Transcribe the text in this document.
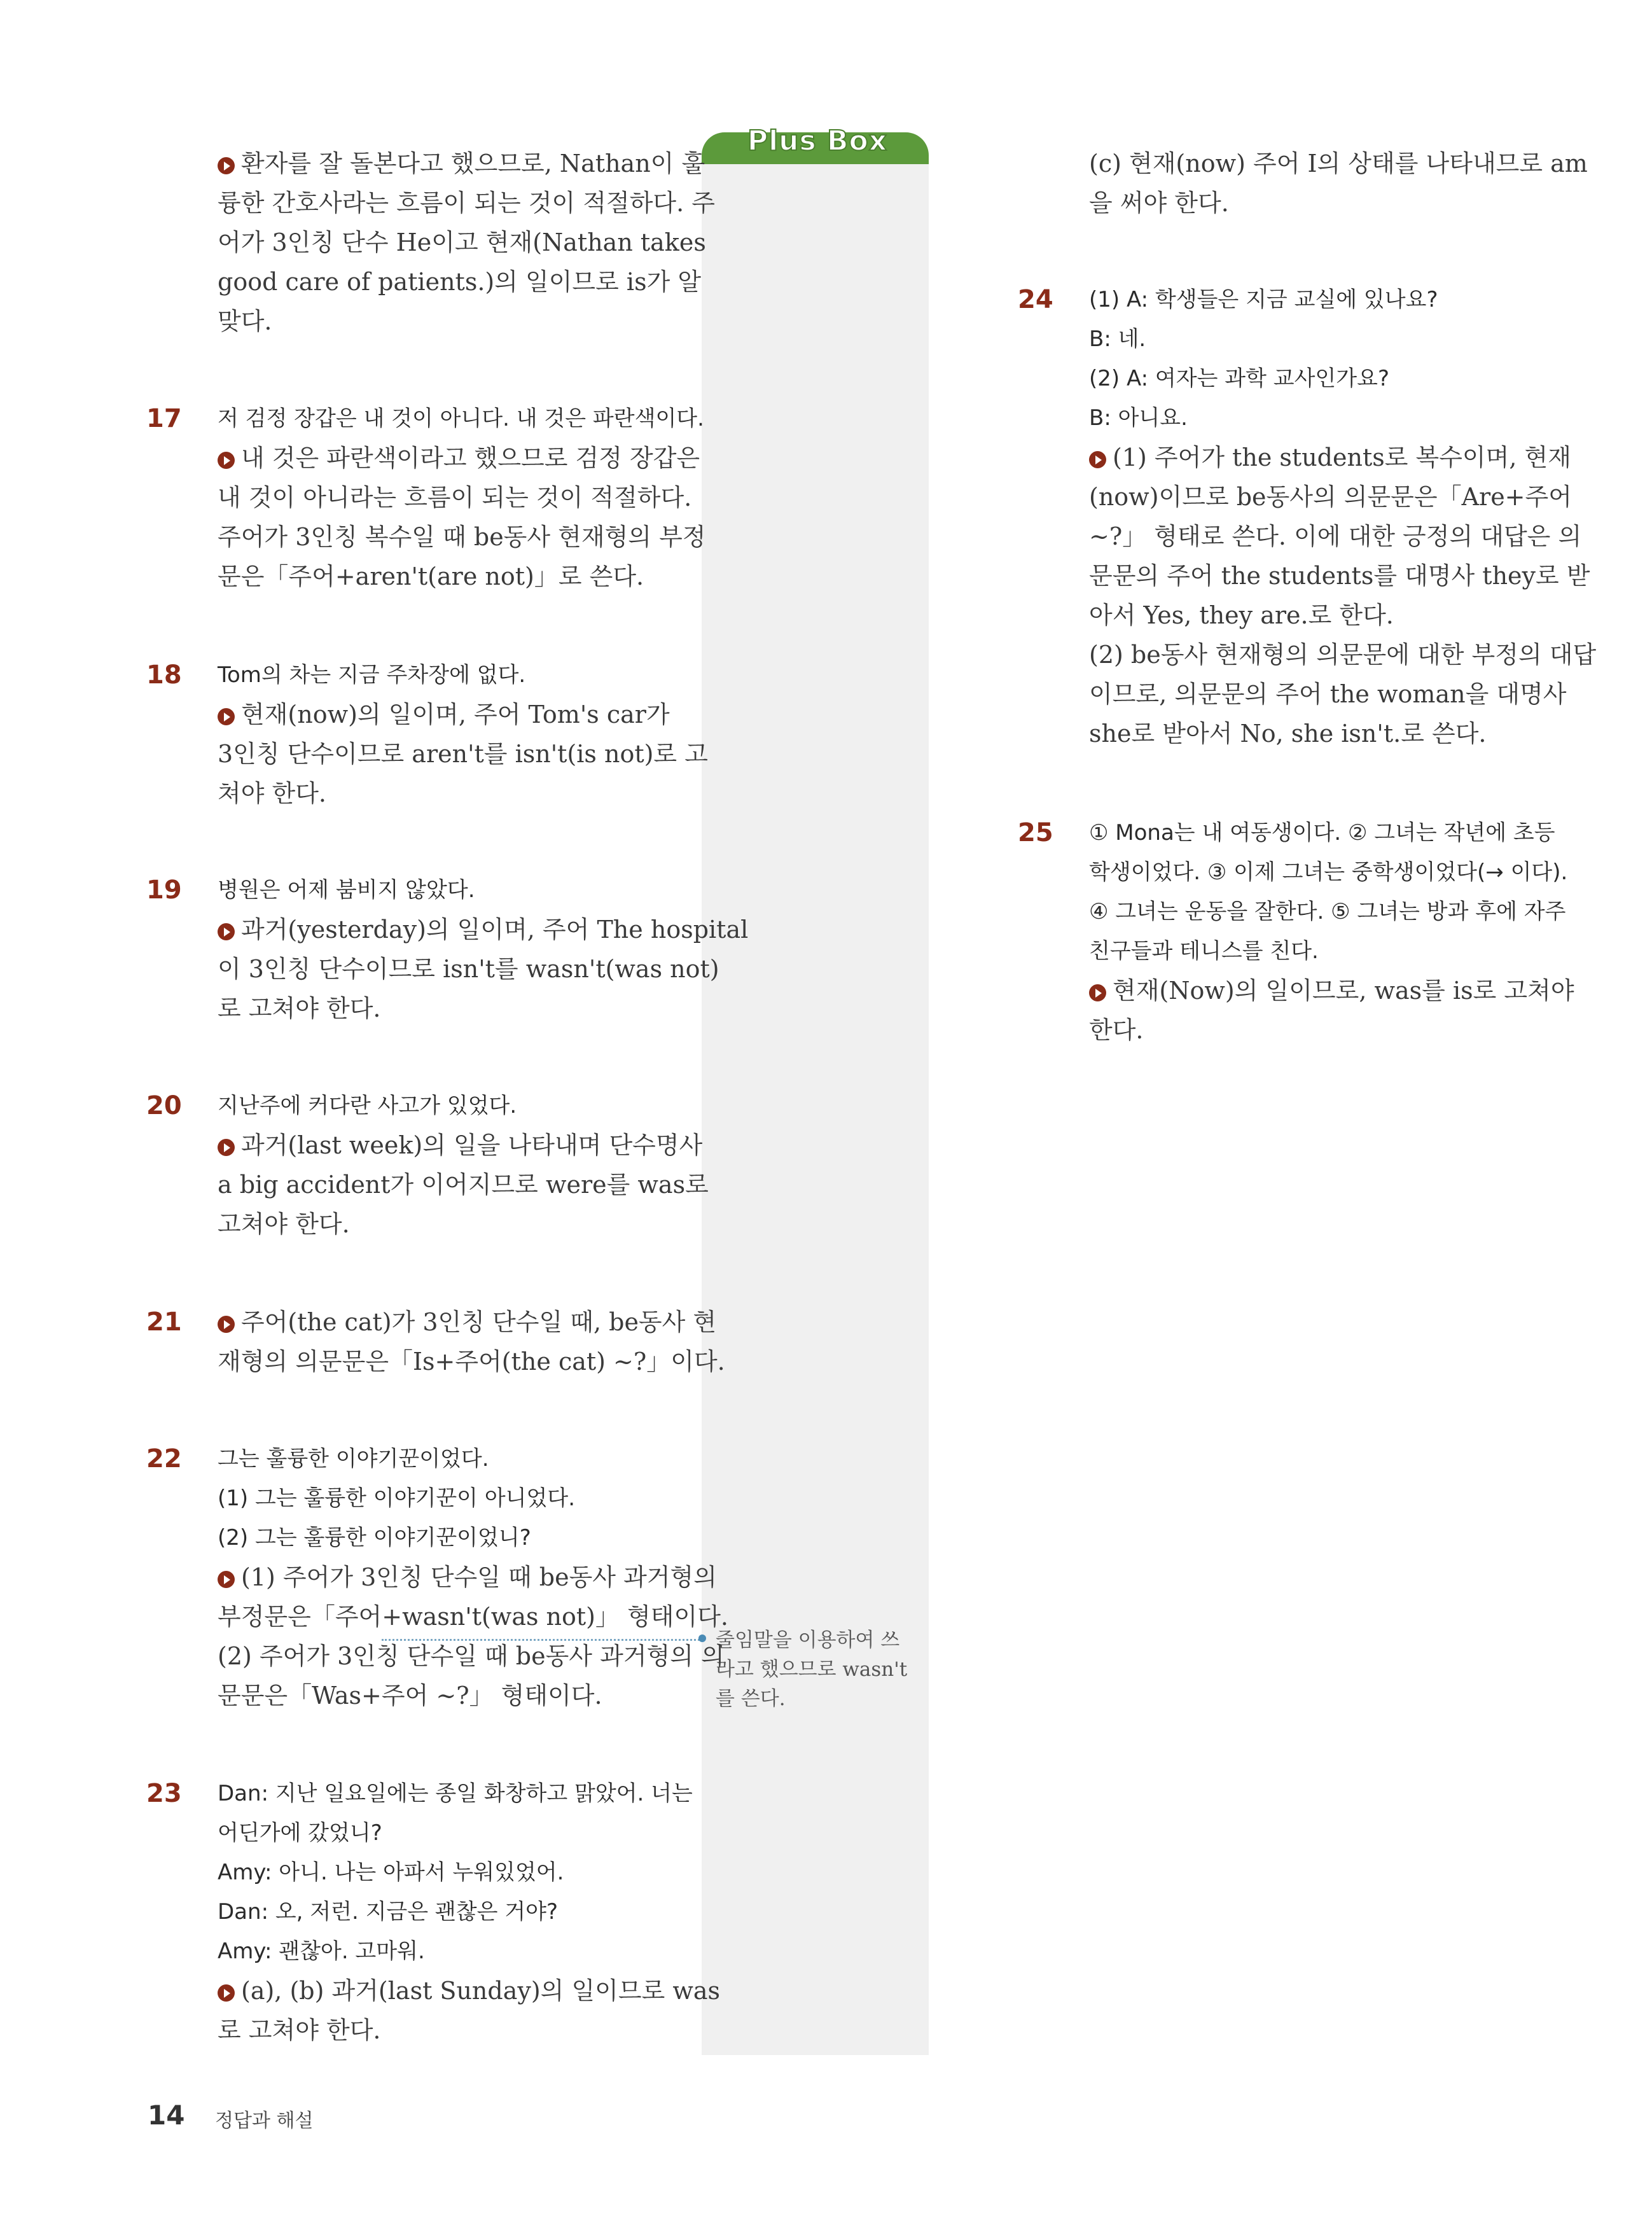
Plus Box
줄임말을 이용하여 쓰
라고 했으므로 wasn't
를 쓴다.
환자를 잘 돌본다고 했으므로, Nathan이 훌
륭한 간호사라는 흐름이 되는 것이 적절하다. 주
어가 3인칭 단수 He이고 현재(Nathan takes
good care of patients.)의 일이므로 is가 알
맞다.
17 저 검정 장갑은 내 것이 아니다. 내 것은 파란색이다.
내 것은 파란색이라고 했으므로 검정 장갑은
내 것이 아니라는 흐름이 되는 것이 적절하다.
주어가 3인칭 복수일 때 be동사 현재형의 부정
문은「주어+aren't(are not)」로 쓴다.
18 Tom의 차는 지금 주차장에 없다.
현재(now)의 일이며, 주어 Tom's car가
3인칭 단수이므로 aren't를 isn't(is not)로 고
쳐야 한다.
19 병원은 어제 붐비지 않았다.
과거(yesterday)의 일이며, 주어 The hospital
이 3인칭 단수이므로 isn't를 wasn't(was not)
로 고쳐야 한다.
20 지난주에 커다란 사고가 있었다.
과거(last week)의 일을 나타내며 단수명사
a big accident가 이어지므로 were를 was로
고쳐야 한다.
21	주어(the cat)가 3인칭 단수일 때, be동사 현
재형의 의문문은「Is+주어(the cat) ~?」이다.
22 그는 훌륭한 이야기꾼이었다.
(1) 그는 훌륭한 이야기꾼이 아니었다.
(2) 그는 훌륭한 이야기꾼이었니?
(1) 주어가 3인칭 단수일 때 be동사 과거형의
부정문은「주어+wasn't(was not)」 형태이다.
(2) 주어가 3인칭 단수일 때 be동사 과거형의 의
문문은「Was+주어 ~?」 형태이다.
23 Dan: 지난 일요일에는 종일 화창하고 맑았어. 너는
어딘가에 갔었니?
Amy: 아니. 나는 아파서 누워있었어.
Dan: 오, 저런. 지금은 괜찮은 거야?
Amy: 괜찮아. 고마워.
(a), (b) 과거(last Sunday)의 일이므로 was
로 고쳐야 한다.
(c) 현재(now) 주어 I의 상태를 나타내므로 am
을 써야 한다.
24 (1) A: 학생들은 지금 교실에 있나요?
B: 네.
(2) A: 여자는 과학 교사인가요?
B: 아니요.
(1) 주어가 the students로 복수이며, 현재
(now)이므로 be동사의 의문문은「Are+주어
~?」 형태로 쓴다. 이에 대한 긍정의 대답은 의
문문의 주어 the students를 대명사 they로 받
아서 Yes, they are.로 한다.
(2) be동사 현재형의 의문문에 대한 부정의 대답
이므로, 의문문의 주어 the woman을 대명사
she로 받아서 No, she isn't.로 쓴다.
25 ① Mona는 내 여동생이다. ② 그녀는 작년에 초등
학생이었다. ③ 이제 그녀는 중학생이었다(→ 이다).
④ 그녀는 운동을 잘한다. ⑤ 그녀는 방과 후에 자주
친구들과 테니스를 친다.
현재(Now)의 일이므로, was를 is로 고쳐야
한다.
14 정답과 해설
